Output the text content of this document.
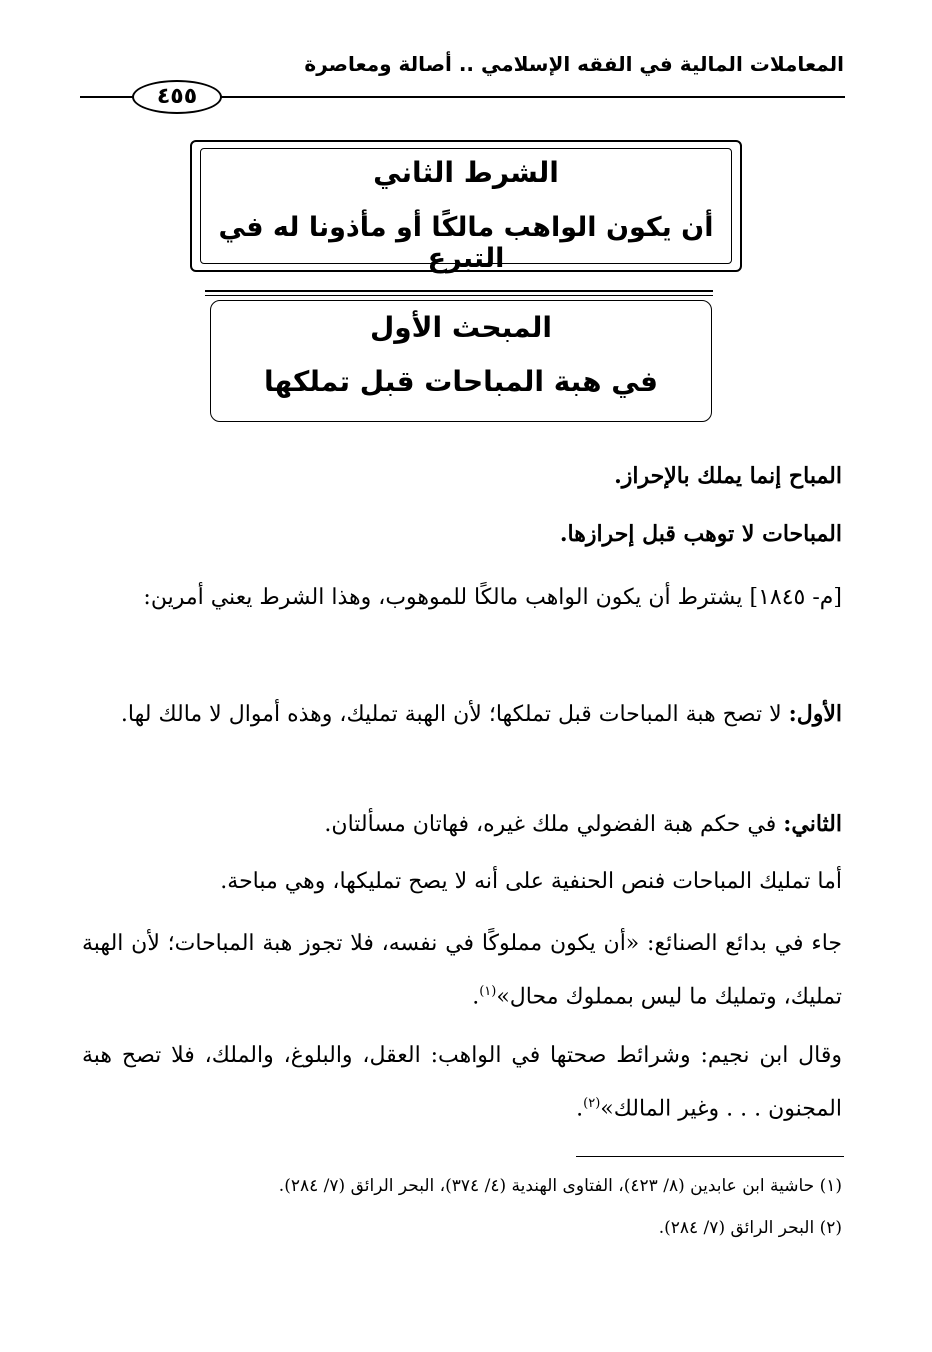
المعاملات المالية في الفقه الإسلامي .. أصالة ومعاصرة
٤٥٥
الشرط الثاني
أن يكون الواهب مالكًا أو مأذونا له في التبرع
المبحث الأول
في هبة المباحات قبل تملكها
المباح إنما يملك بالإحراز.
المباحات لا توهب قبل إحرازها.
[م- ١٨٤٥] يشترط أن يكون الواهب مالكًا للموهوب، وهذا الشرط يعني أمرين:
الأول: لا تصح هبة المباحات قبل تملكها؛ لأن الهبة تمليك، وهذه أموال لا مالك لها.
الثاني: في حكم هبة الفضولي ملك غيره، فهاتان مسألتان.
أما تمليك المباحات فنص الحنفية على أنه لا يصح تمليكها، وهي مباحة.
جاء في بدائع الصنائع: «أن يكون مملوكًا في نفسه، فلا تجوز هبة المباحات؛ لأن الهبة تمليك، وتمليك ما ليس بمملوك محال»$^{(١)}$.
وقال ابن نجيم: وشرائط صحتها في الواهب: العقل، والبلوغ، والملك، فلا تصح هبة المجنون . . . وغير المالك»$^{(٢)}$.
(١) حاشية ابن عابدين (٨/ ٤٢٣)، الفتاوى الهندية (٤/ ٣٧٤)، البحر الرائق (٧/ ٢٨٤).
(٢) البحر الرائق (٧/ ٢٨٤).
